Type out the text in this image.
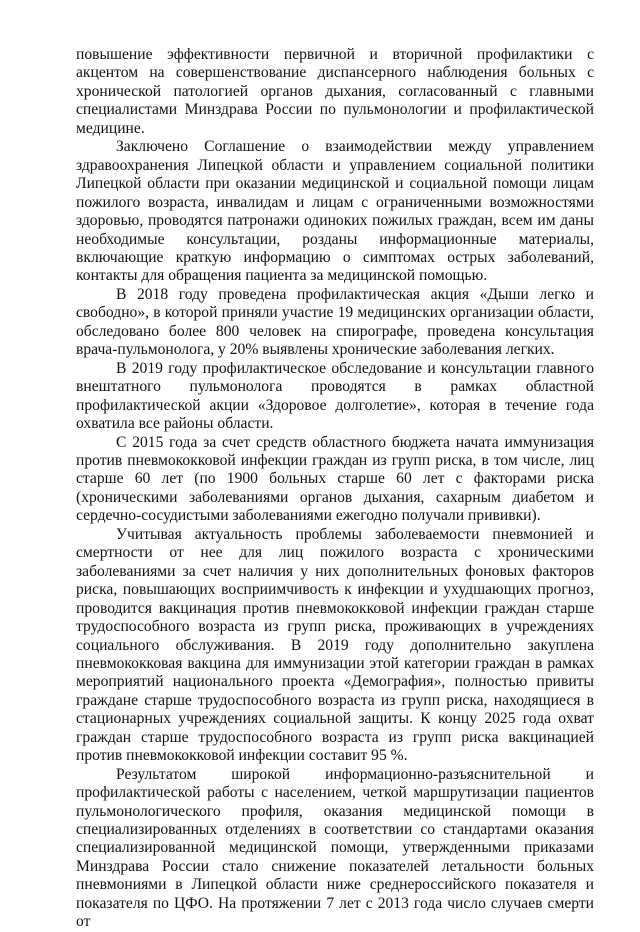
повышение эффективности первичной и вторичной профилактики с акцентом на совершенствование диспансерного наблюдения больных с хронической патологией органов дыхания, согласованный с главными специалистами Минздрава России по пульмонологии и профилактической медицине.

Заключено Соглашение о взаимодействии между управлением здравоохранения Липецкой области и управлением социальной политики Липецкой области при оказании медицинской и социальной помощи лицам пожилого возраста, инвалидам и лицам с ограниченными возможностями здоровью, проводятся патронажи одиноких пожилых граждан, всем им даны необходимые консультации, розданы информационные материалы, включающие краткую информацию о симптомах острых заболеваний, контакты для обращения пациента за медицинской помощью.

В 2018 году проведена профилактическая акция «Дыши легко и свободно», в которой приняли участие 19 медицинских организации области, обследовано более 800 человек на спирографе, проведена консультация врача-пульмонолога, у 20% выявлены хронические заболевания легких.

В 2019 году профилактическое обследование и консультации главного внештатного пульмонолога проводятся в рамках областной профилактической акции «Здоровое долголетие», которая в течение года охватила все районы области.

С 2015 года за счет средств областного бюджета начата иммунизация против пневмококковой инфекции граждан из групп риска, в том числе, лиц старше 60 лет (по 1900 больных старше 60 лет с факторами риска (хроническими заболеваниями органов дыхания, сахарным диабетом и сердечно-сосудистыми заболеваниями ежегодно получали прививки).

Учитывая актуальность проблемы заболеваемости пневмонией и смертности от нее для лиц пожилого возраста с хроническими заболеваниями за счет наличия у них дополнительных фоновых факторов риска, повышающих восприимчивость к инфекции и ухудшающих прогноз, проводится вакцинация против пневмококковой инфекции граждан старше трудоспособного возраста из групп риска, проживающих в учреждениях социального обслуживания. В 2019 году дополнительно закуплена пневмококковая вакцина для иммунизации этой категории граждан в рамках мероприятий национального проекта «Демография», полностью привиты граждане старше трудоспособного возраста из групп риска, находящиеся в стационарных учреждениях социальной защиты. К концу 2025 года охват граждан старше трудоспособного возраста из групп риска вакцинацией против пневмококковой инфекции составит 95 %.

Результатом широкой информационно-разъяснительной и профилактической работы с населением, четкой маршрутизации пациентов пульмонологического профиля, оказания медицинской помощи в специализированных отделениях в соответствии со стандартами оказания специализированной медицинской помощи, утвержденными приказами Минздрава России стало снижение показателей летальности больных пневмониями в Липецкой области ниже среднероссийского показателя и показателя по ЦФО. На протяжении 7 лет с 2013 года число случаев смерти от
